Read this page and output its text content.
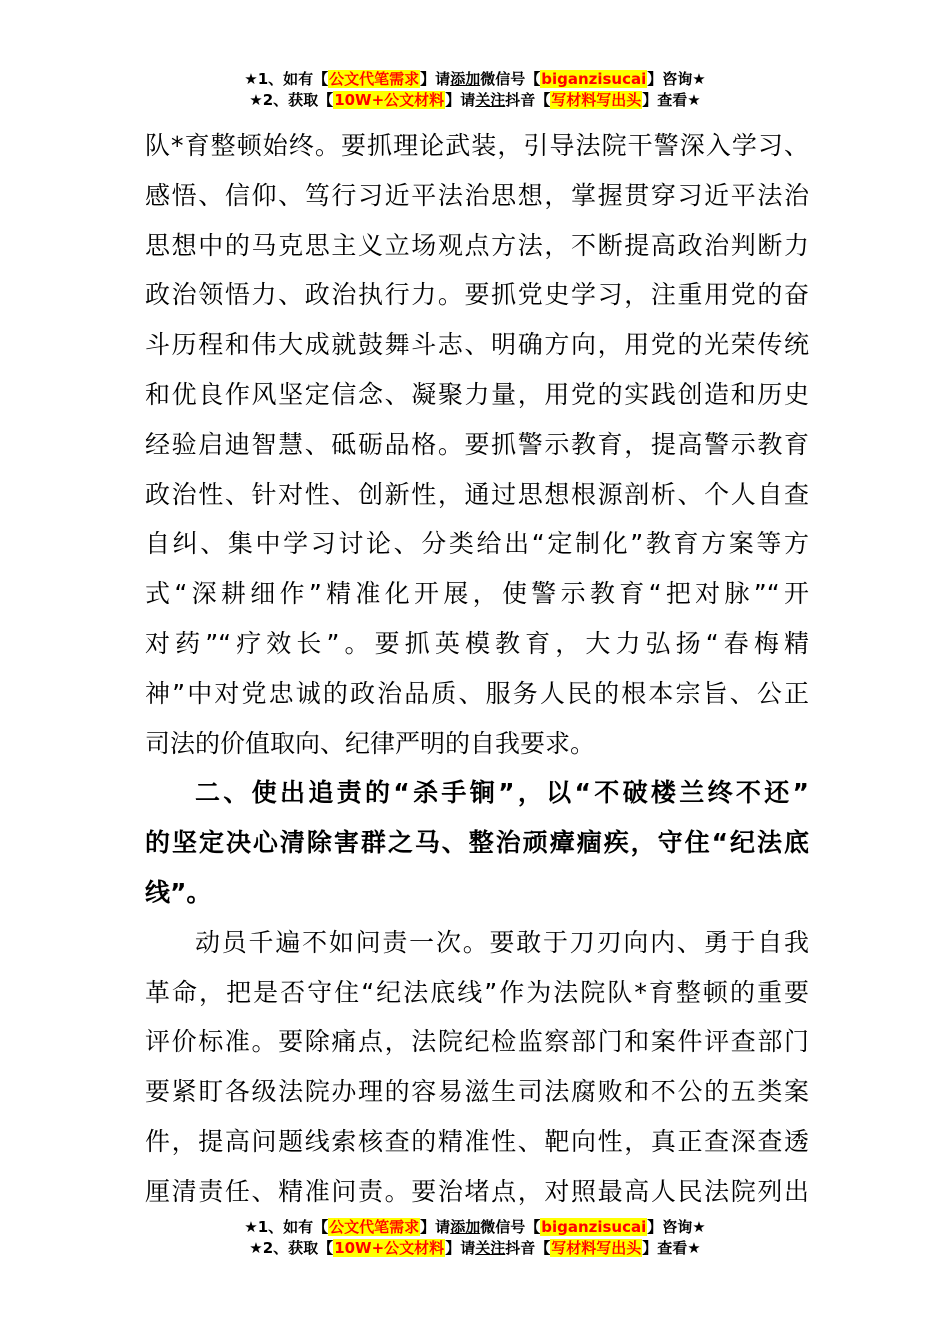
★1、如有【公文代笔需求】请添加微信号【biganzisucai】咨询★
★2、获取【10W+公文材料】请关注抖音【写材料写出头】查看★
队*育整顿始终。要抓理论武装，引导法院干警深入学习、
感悟、信仰、笃行习近平法治思想，掌握贯穿习近平法治
思想中的马克思主义立场观点方法，不断提高政治判断力
政治领悟力、政治执行力。要抓党史学习，注重用党的奋
斗历程和伟大成就鼓舞斗志、明确方向，用党的光荣传统
和优良作风坚定信念、凝聚力量，用党的实践创造和历史
经验启迪智慧、砥砺品格。要抓警示教育，提高警示教育
政治性、针对性、创新性，通过思想根源剖析、个人自查
自纠、集中学习讨论、分类给出“定制化”教育方案等方
式“深耕细作”精准化开展，使警示教育“把对脉”“开
对药”“疗效长”。要抓英模教育，大力弘扬“春梅精
神”中对党忠诚的政治品质、服务人民的根本宗旨、公正
司法的价值取向、纪律严明的自我要求。
二、使出追责的“杀手锏”，以“不破楼兰终不还”
的坚定决心清除害群之马、整治顽瘴痼疾，守住“纪法底
线”。
动员千遍不如问责一次。要敢于刀刃向内、勇于自我
革命，把是否守住“纪法底线”作为法院队*育整顿的重要
评价标准。要除痛点，法院纪检监察部门和案件评查部门
要紧盯各级法院办理的容易滋生司法腐败和不公的五类案
件，提高问题线索核查的精准性、靶向性，真正查深查透
厘清责任、精准问责。要治堵点，对照最高人民法院列出
★1、如有【公文代笔需求】请添加微信号【biganzisucai】咨询★
★2、获取【10W+公文材料】请关注抖音【写材料写出头】查看★
